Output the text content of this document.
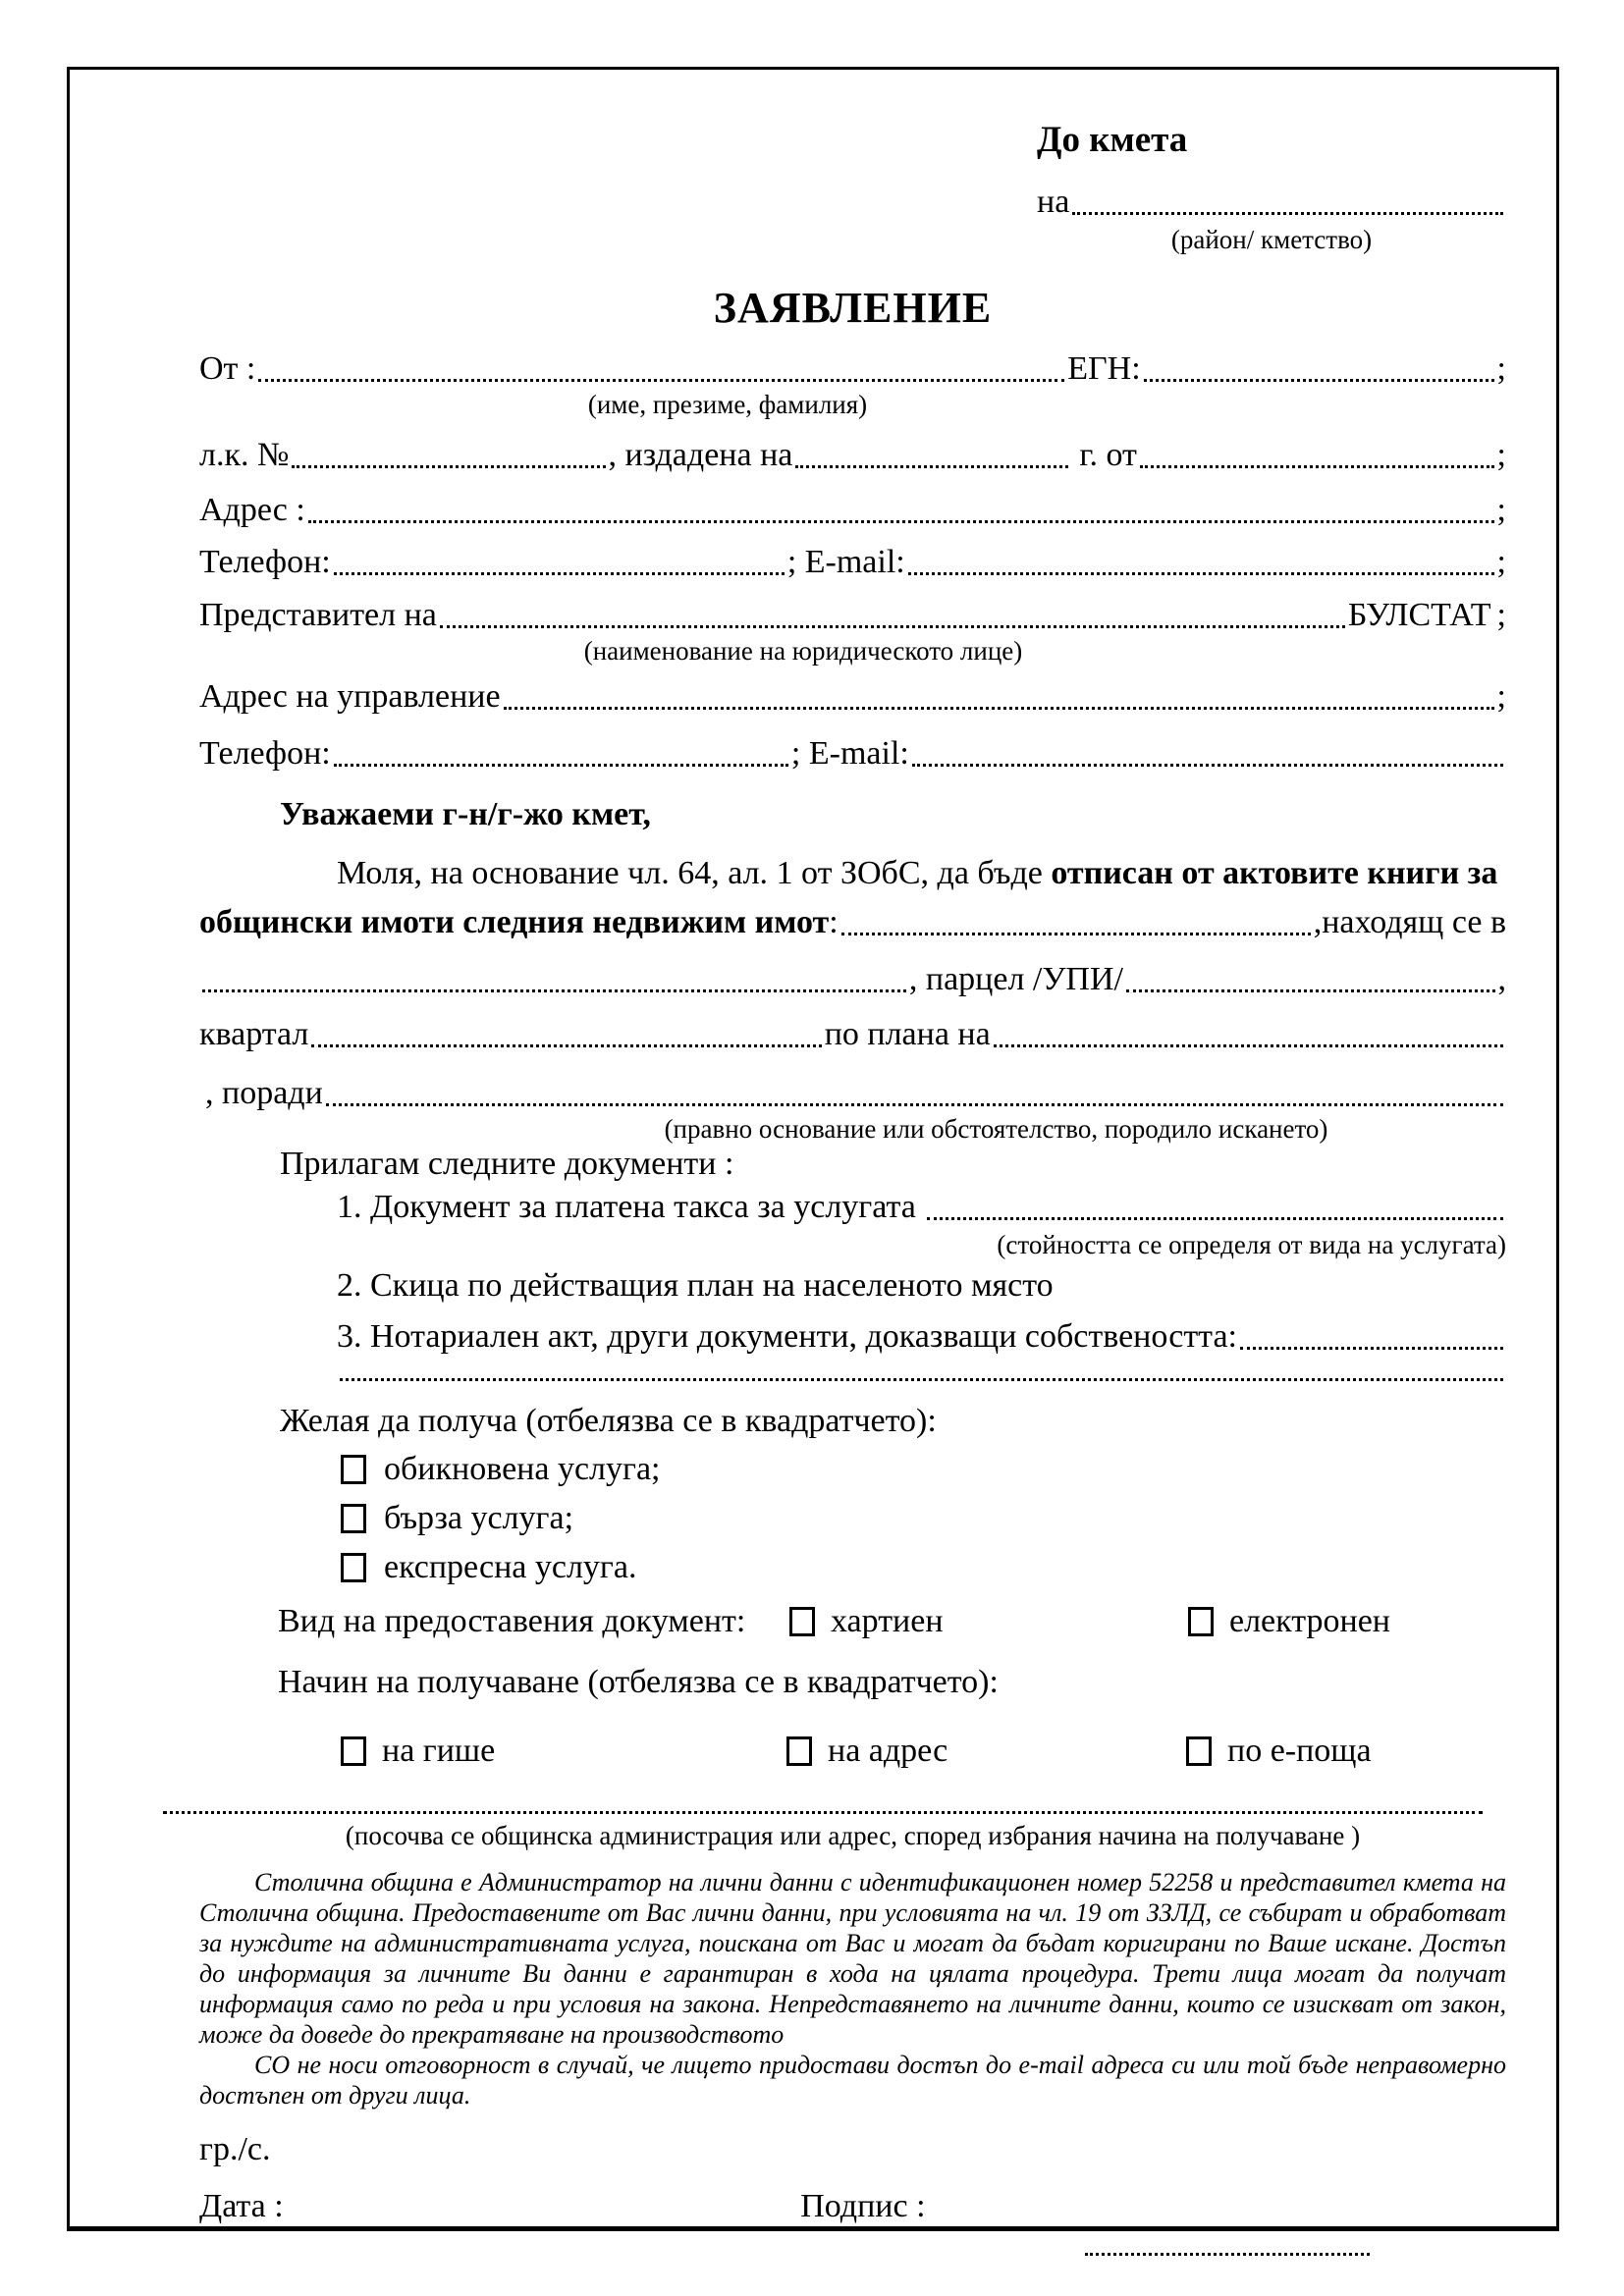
До кмета
на
(район/ кметство)
ЗАЯВЛЕНИЕ
От :	ЕГН:	;
(име, презиме, фамилия)
л.к. №	, издадена на	г. от	;
Адрес :	;
Телефон:	; E-mail:	;
Представител на	БУЛСТАТ ;
(наименование на юридическото лице)
Адрес на управление	;
Телефон:	; E-mail:
Уважаеми г-н/г-жо кмет,
Моля, на основание чл. 64, ал. 1 от ЗОбС, да бъде отписан от актовите книги за
общински имоти следния недвижим имот :	,находящ се в
, парцел /УПИ/	,
квартал	по плана на
, поради
(правно основание или обстоятелство, породило искането)
Прилагам следните документи :
1. Документ за платена такса за услугата
(стойността се определя от вида на услугата)
2. Скица по действащия план на населеното място
3. Нотариален акт, други документи, доказващи собствеността:
Желая да получа (отбелязва се в квадратчето):
обикновена услуга;
бърза услуга;
експресна услуга.
Вид на предоставения документ:	хартиен	електронен
Начин на получаване (отбелязва се в квадратчето):
на гише	на адрес	по е-поща
(посочва се общинска администрация или адрес, според избрания начина на получаване )

Столична община е Администратор на лични данни с идентификационен номер 52258 и представител кмета на Столична община. Предоставените от Вас лични данни, при условията на чл. 19 от ЗЗЛД, се събират и обработват за нуждите на административната услуга, поискана от Вас и могат да бъдат коригирани по Ваше искане. Достъп до информация за личните Ви данни е гарантиран в хода на цялата процедура. Трети лица могат да получат информация само по реда и при условия на закона. Непредставянето на личните данни, които се изискват от закон, може да доведе до прекратяване на производството

СО не носи отговорност в случай, че лицето придостави достъп до e-mail адреса си или той бъде неправомерно достъпен от други лица.

гр./с.
Дата :	Подпис :
